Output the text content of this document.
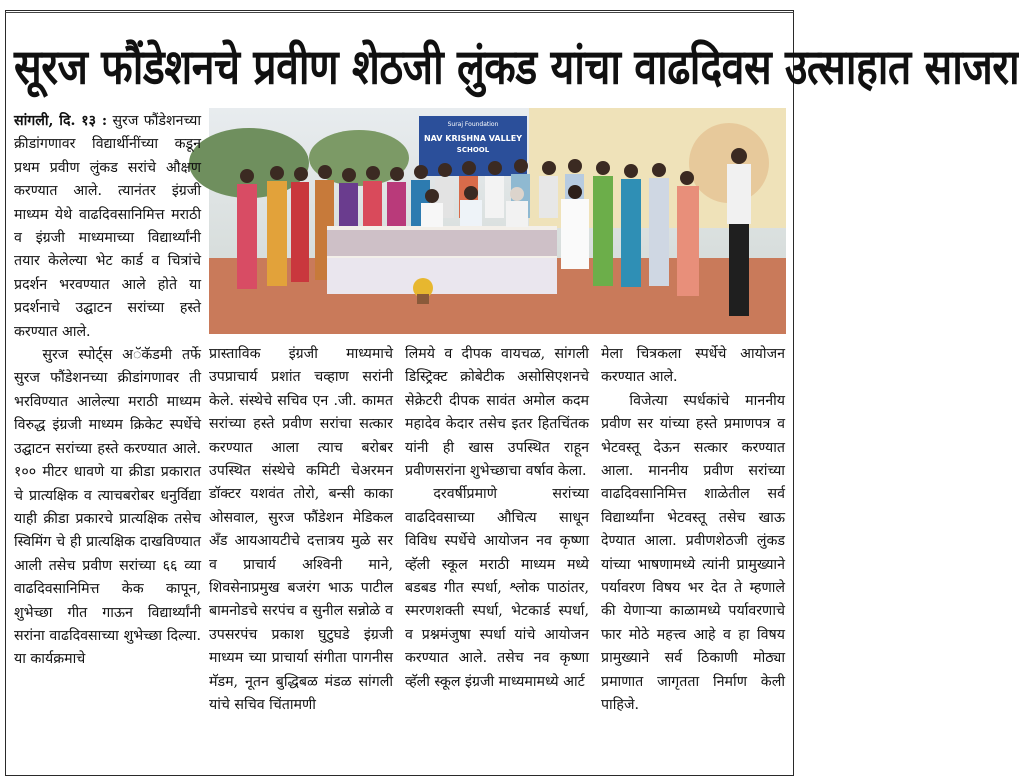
सूरज फौंडेशनचे प्रवीण शेठजी लुंकड यांचा वाढदिवस उत्साहात साजरा
Suraj Foundation
NAV KRISHNA VALLEY
SCHOOL

सांगली, दि. १३ : सुरज फौंडेशनच्या क्रीडांगणावर विद्यार्थीनींच्या कडून प्रथम प्रवीण लुंकड सरांचे औक्षण करण्यात आले. त्यानंतर इंग्रजी माध्यम येथे वाढदिवसानिमित्त मराठी व इंग्रजी माध्यमाच्या विद्यार्थ्यांनी तयार केलेल्या भेट कार्ड व चित्रांचे प्रदर्शन भरवण्यात आले होते या प्रदर्शनाचे उद्घाटन सरांच्या हस्ते करण्यात आले.

सुरज स्पोर्ट्स अॅकॅडमी तर्फे सुरज फौंडेशनच्या क्रीडांगणावर ती भरविण्यात आलेल्या मराठी माध्यम विरुद्ध इंग्रजी माध्यम क्रिकेट स्पर्धेचे उद्घाटन सरांच्या हस्ते करण्यात आले. १०० मीटर धावणे या क्रीडा प्रकारात चे प्रात्यक्षिक व त्याचबरोबर धनुर्विद्या याही क्रीडा प्रकारचे प्रात्यक्षिक तसेच स्विमिंग चे ही प्रात्यक्षिक दाखविण्यात आली तसेच प्रवीण सरांच्या ६६ व्या वाढदिवसानिमित्त केक कापून, शुभेच्छा गीत गाऊन विद्यार्थ्यांनी सरांना वाढदिवसाच्या शुभेच्छा दिल्या. या कार्यक्रमाचे

प्रास्ताविक इंग्रजी माध्यमाचे उपप्राचार्य प्रशांत चव्हाण सरांनी केले. संस्थेचे सचिव एन .जी. कामत सरांच्या हस्ते प्रवीण सरांचा सत्कार करण्यात आला त्याच बरोबर उपस्थित संस्थेचे कमिटी चेअरमन डॉक्टर यशवंत तोरो, बन्सी काका ओसवाल, सुरज फौंडेशन मेडिकल अँड आयआयटीचे दत्तात्रय मुळे सर व प्राचार्य अश्विनी माने, शिवसेनाप्रमुख बजरंग भाऊ पाटील बामनोडचे सरपंच व सुनील सन्नोळे व उपसरपंच प्रकाश घुटुघडे इंग्रजी माध्यम च्या प्राचार्या संगीता पागनीस मॅडम, नूतन बुद्धिबळ मंडळ सांगली यांचे सचिव चिंतामणी

लिमये व दीपक वायचळ, सांगली डिस्ट्रिक्ट क्रोबेटीक असोसिएशनचे सेक्रेटरी दीपक सावंत अमोल कदम महादेव केदार तसेच इतर हितचिंतक यांनी ही खास उपस्थित राहून प्रवीणसरांना शुभेच्छाचा वर्षाव केला.

दरवर्षीप्रमाणे सरांच्या वाढदिवसाच्या औचित्य साधून विविध स्पर्धेचे आयोजन नव कृष्णा व्हॅली स्कूल मराठी माध्यम मध्ये बडबड गीत स्पर्धा, श्लोक पाठांतर, स्मरणशक्ती स्पर्धा, भेटकार्ड स्पर्धा, व प्रश्नमंजुषा स्पर्धा यांचे आयोजन करण्यात आले. तसेच नव कृष्णा व्हॅली स्कूल इंग्रजी माध्यमामध्ये आर्ट

मेला चित्रकला स्पर्धेचे आयोजन करण्यात आले.

विजेत्या स्पर्धकांचे माननीय प्रवीण सर यांच्या हस्ते प्रमाणपत्र व भेटवस्तू देऊन सत्कार करण्यात आला. माननीय प्रवीण सरांच्या वाढदिवसानिमित्त शाळेतील सर्व विद्यार्थ्यांना भेटवस्तू तसेच खाऊ देण्यात आला. प्रवीणशेठजी लुंकड यांच्या भाषणामध्ये त्यांनी प्रामुख्याने पर्यावरण विषय भर देत ते म्हणाले की येणाऱ्या काळामध्ये पर्यावरणाचे फार मोठे महत्त्व आहे व हा विषय प्रामुख्याने सर्व ठिकाणी मोठ्या प्रमाणात जागृतता निर्माण केली पाहिजे.
